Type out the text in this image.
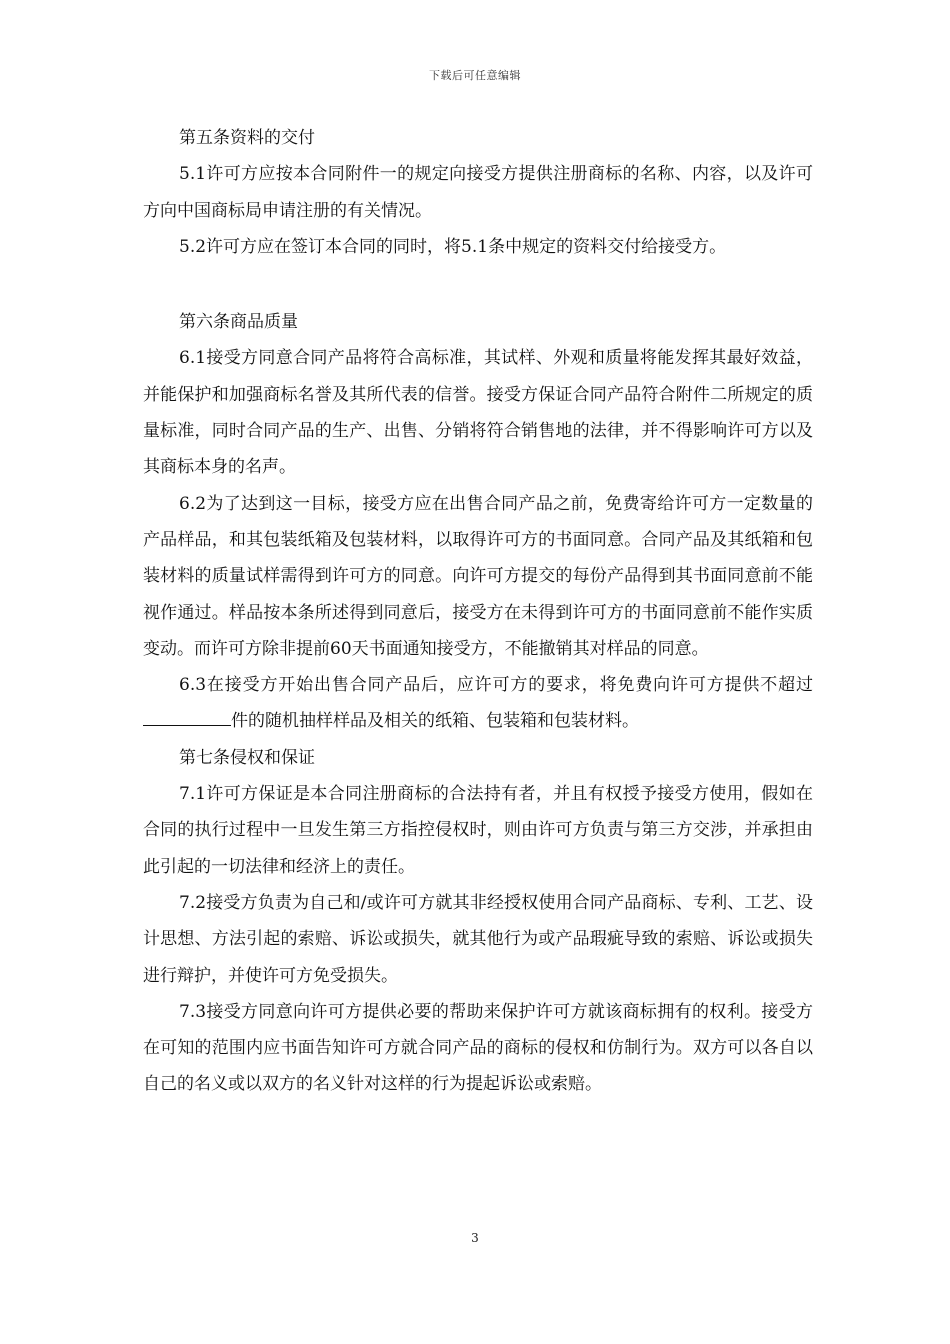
下载后可任意编辑

第五条资料的交付

5.1许可方应按本合同附件一的规定向接受方提供注册商标的名称、内容，以及许可方向中国商标局申请注册的有关情况。

5.2许可方应在签订本合同的同时，将5.1条中规定的资料交付给接受方。

第六条商品质量

6.1接受方同意合同产品将符合高标准，其试样、外观和质量将能发挥其最好效益，并能保护和加强商标名誉及其所代表的信誉。接受方保证合同产品符合附件二所规定的质量标准，同时合同产品的生产、出售、分销将符合销售地的法律，并不得影响许可方以及其商标本身的名声。

6.2为了达到这一目标，接受方应在出售合同产品之前，免费寄给许可方一定数量的产品样品，和其包装纸箱及包装材料，以取得许可方的书面同意。合同产品及其纸箱和包装材料的质量试样需得到许可方的同意。向许可方提交的每份产品得到其书面同意前不能视作通过。样品按本条所述得到同意后，接受方在未得到许可方的书面同意前不能作实质变动。而许可方除非提前60天书面通知接受方，不能撤销其对样品的同意。

6.3在接受方开始出售合同产品后，应许可方的要求，将免费向许可方提供不超过件的随机抽样样品及相关的纸箱、包装箱和包装材料。

第七条侵权和保证

7.1许可方保证是本合同注册商标的合法持有者，并且有权授予接受方使用，假如在合同的执行过程中一旦发生第三方指控侵权时，则由许可方负责与第三方交涉，并承担由此引起的一切法律和经济上的责任。

7.2接受方负责为自己和/或许可方就其非经授权使用合同产品商标、专利、工艺、设计思想、方法引起的索赔、诉讼或损失，就其他行为或产品瑕疵导致的索赔、诉讼或损失进行辩护，并使许可方免受损失。

7.3接受方同意向许可方提供必要的帮助来保护许可方就该商标拥有的权利。接受方在可知的范围内应书面告知许可方就合同产品的商标的侵权和仿制行为。双方可以各自以自己的名义或以双方的名义针对这样的行为提起诉讼或索赔。

3
